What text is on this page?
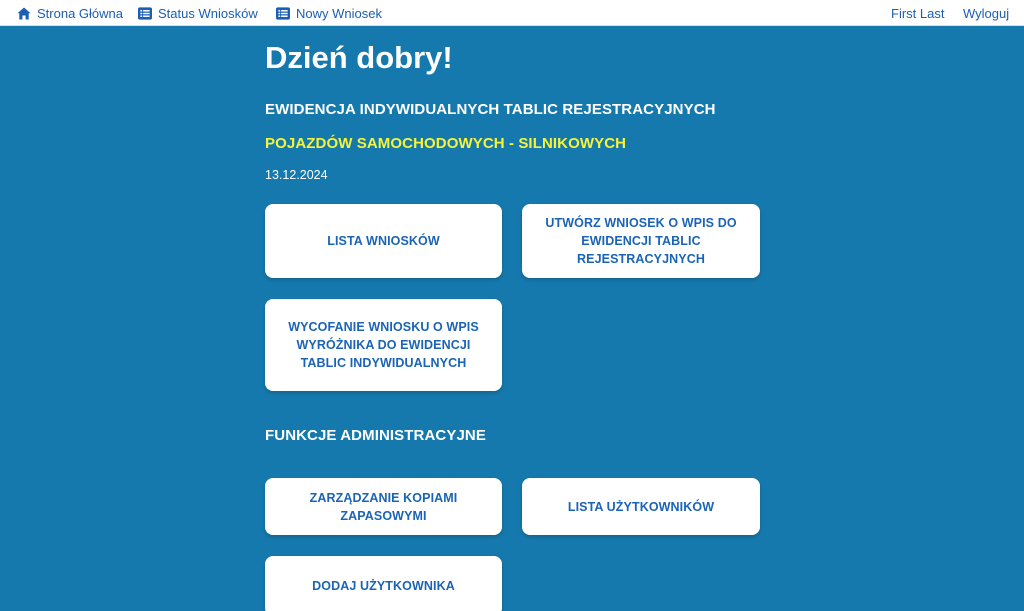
Strona Główna	Status Wniosków	Nowy Wniosek	First Last Wyloguj
Dzień dobry!
EWIDENCJA INDYWIDUALNYCH TABLIC REJESTRACYJNYCH
POJAZDÓW SAMOCHODOWYCH - SILNIKOWYCH
13.12.2024
LISTA WNIOSKÓW
UTWÓRZ WNIOSEK O WPIS DO EWIDENCJI TABLIC REJESTRACYJNYCH
WYCOFANIE WNIOSKU O WPIS WYRÓŻNIKA DO EWIDENCJI TABLIC INDYWIDUALNYCH
FUNKCJE ADMINISTRACYJNE
ZARZĄDZANIE KOPIAMI ZAPASOWYMI
LISTA UŻYTKOWNIKÓW
DODAJ UŻYTKOWNIKA
